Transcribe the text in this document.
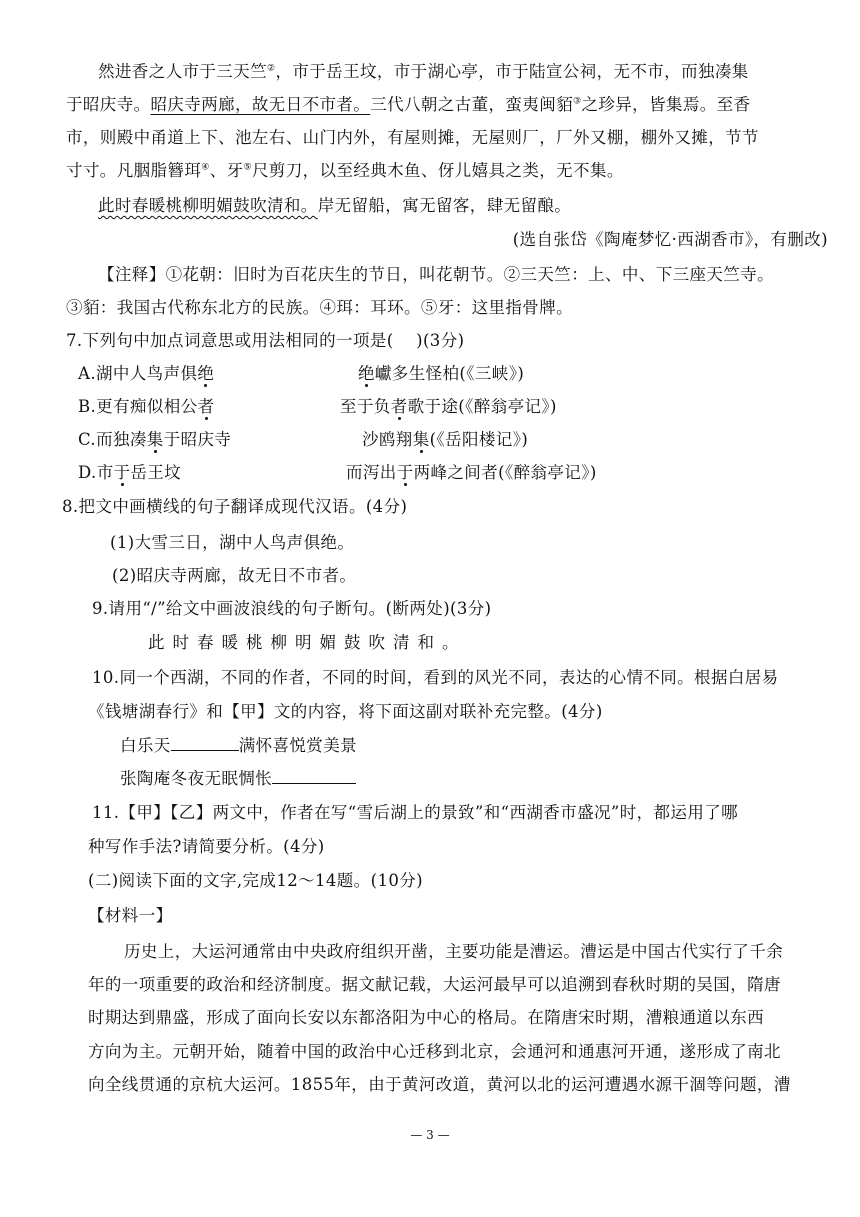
然进香之人市于三天竺②，市于岳王坟，市于湖心亭，市于陆宣公祠，无不市，而独凑集
于昭庆寺。昭庆寺两廊，故无日不市者。三代八朝之古董，蛮夷闽貊③之珍异，皆集焉。至香
市，则殿中甬道上下、池左右、山门内外，有屋则摊，无屋则厂，厂外又棚，棚外又摊，节节
寸寸。凡胭脂簪珥④、牙⑤尺剪刀，以至经典木鱼、伢儿嬉具之类，无不集。
此时春暖桃柳明媚鼓吹清和。岸无留船，寓无留客，肆无留酿。
(选自张岱《陶庵梦忆·西湖香市》，有删改)
【注释】①花朝：旧时为百花庆生的节日，叫花朝节。②三天竺：上、中、下三座天竺寺。
③貊：我国古代称东北方的民族。④珥：耳环。⑤牙：这里指骨牌。
7.下列句中加点词意思或用法相同的一项是(　 )(3分)
A.湖中人鸟声俱绝	绝巘多生怪柏(《三峡》)
B.更有痴似相公者	至于负者歌于途(《醉翁亭记》)
C.而独凑集于昭庆寺	沙鸥翔集(《岳阳楼记》)
D.市于岳王坟	而泻出于两峰之间者(《醉翁亭记》)
8.把文中画横线的句子翻译成现代汉语。(4分)
(1)大雪三日，湖中人鸟声俱绝。
(2)昭庆寺两廊，故无日不市者。
9.请用“/”给文中画波浪线的句子断句。(断两处)(3分)
此时春暖桃柳明媚鼓吹清和。
10.同一个西湖，不同的作者，不同的时间，看到的风光不同，表达的心情不同。根据白居易
《钱塘湖春行》和【甲】文的内容，将下面这副对联补充完整。(4分)
白乐天	满怀喜悦赏美景
张陶庵冬夜无眠惆怅
11.【甲】【乙】两文中，作者在写“雪后湖上的景致”和“西湖香市盛况”时，都运用了哪
种写作手法?请简要分析。(4分)
(二)阅读下面的文字,完成12～14题。(10分)
【材料一】
历史上，大运河通常由中央政府组织开凿，主要功能是漕运。漕运是中国古代实行了千余
年的一项重要的政治和经济制度。据文献记载，大运河最早可以追溯到春秋时期的吴国，隋唐
时期达到鼎盛，形成了面向长安以东都洛阳为中心的格局。在隋唐宋时期，漕粮通道以东西
方向为主。元朝开始，随着中国的政治中心迁移到北京，会通河和通惠河开通，遂形成了南北
向全线贯通的京杭大运河。1855年，由于黄河改道，黄河以北的运河遭遇水源干涸等问题，漕
— 3 —
